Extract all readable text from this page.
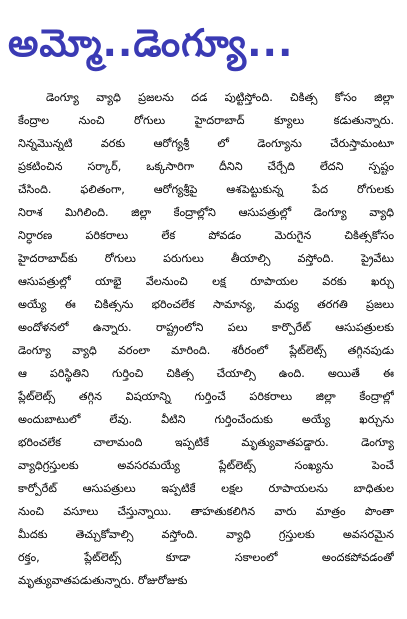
అమ్మో..డెంగ్యూ...
డెంగ్యూ వ్యాధి ప్రజలను దడ పుట్టిస్తోంది. చికిత్స కోసం జిల్లా
కేంద్రాల నుంచి రోగులు హైదరాబాద్ క్యూలు కడుతున్నారు.
నిన్నమొన్నటి వరకు ఆరోగ్యశ్రీ లో డెంగ్యూను చేరుస్తామంటూ
ప్రకటించిన సర్కార్, ఒక్కసారిగా దీనిని చేర్చేది లేదని స్పష్టం
చేసింది. ఫలితంగా, ఆరోగ్యశ్రీపై ఆశపెట్టుకున్న పేద రోగులకు
నిరాశ మిగిలింది. జిల్లా కేంద్రాల్లోని ఆసుపత్రుల్లో డెంగ్యూ వ్యాధి
నిర్ధారణ పరికరాలు లేక పోవడం మెరుగైన చికిత్సకోసం
హైదరాబాద్‌కు రోగులు పరుగులు తీయాల్సి వస్తోంది. ప్రైవేటు
ఆసుపత్రుల్లో యాభై వేలనుంచి లక్ష రూపాయల వరకు ఖర్చు
అయ్యే ఈ చికిత్సను భరించలేక సామాన్య, మధ్య తరగతి ప్రజలు
అందోళనలో ఉన్నారు. రాష్ట్రంలోని పలు కార్పొరేట్ ఆసుపత్రులకు
డెంగ్యూ వ్యాధి వరంలా మారింది. శరీరంలో ప్లేట్‌లెట్స్ తగ్గినపుడు
ఆ పరిస్థితిని గుర్తించి చికిత్స చేయాల్సి ఉంది. అయితే ఈ
ప్లేట్‌లెట్స్ తగ్గిన విషయాన్ని గుర్తించే పరికరాలు జిల్లా కేంద్రాల్లో
అందుబాటులో లేవు. వీటిని గుర్తించేందుకు అయ్యే ఖర్చును
భరించలేక చాలామంది ఇప్పటికే మృత్యువాతపడ్డారు. డెంగ్యూ
వ్యాధిగ్రస్తులకు అవసరమయ్యే ప్లేట్‌లెట్స్ సంఖ్యను పెంచే
కార్పోరేట్ ఆసుపత్రులు ఇప్పటికే లక్షల రూపాయలను బాధితుల
నుంచి వసూలు చేస్తున్నాయి. తాహతుకలిగిన వారు మాత్రం పొంతా
మీదకు తెచ్చుకోవాల్సి వస్తోంది. వ్యాధి గ్రస్తులకు అవసరమైన
రక్తం, ప్లేట్‌లెట్స్ కూడా సకాలంలో అందకపోవడంతో
మృత్యువాతపడుతున్నారు. రోజురోజుకు
